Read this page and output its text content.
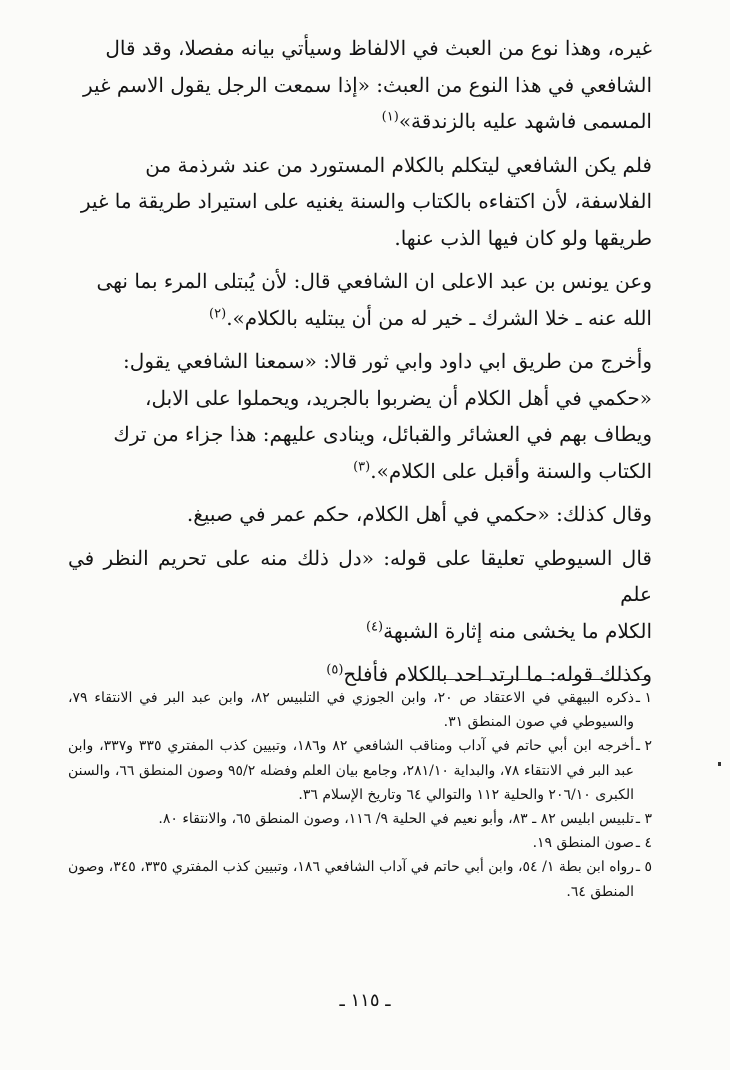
غيره، وهذا نوع من العبث في الالفاظ وسيأتي بيانه مفصلا، وقد قال
الشافعي في هذا النوع من العبث: «إذا سمعت الرجل يقول الاسم غير
المسمى فاشهد عليه بالزندقة»$^{(١)}$

فلم يكن الشافعي ليتكلم بالكلام المستورد من عند شرذمة من
الفلاسفة، لأن اكتفاءه بالكتاب والسنة يغنيه على استيراد طريقة ما غير
طريقها ولو كان فيها الذب عنها.

وعن يونس بن عبد الاعلى ان الشافعي قال: لأن يُبتلى المرء بما نهى
الله عنه ـ خلا الشرك ـ خير له من أن يبتليه بالكلام».$^{(٢)}$

وأخرج من طريق ابي داود وابي ثور قالا: «سمعنا الشافعي يقول:
«حكمي في أهل الكلام أن يضربوا بالجريد، ويحملوا على الابل،
ويطاف بهم في العشائر والقبائل، وينادى عليهم: هذا جزاء من ترك
الكتاب والسنة وأقبل على الكلام».$^{(٣)}$

وقال كذلك: «حكمي في أهل الكلام، حكم عمر في صبيغ.

قال السيوطي تعليقا على قوله: «دل ذلك منه على تحريم النظر في علم
الكلام ما يخشى منه إثارة الشبهة$^{(٤)}$

وكذلك قوله: ما ارتد احد بالكلام فأفلح$^{(٥)}$

١ ـ
ذكره البيهقي في الاعتقاد ص ٢٠، وابن الجوزي في التلبيس ٨٢، وابن عبد البر في الانتقاء ٧٩، والسيوطي في صون المنطق ٣١.
٢ ـ
أخرجه ابن أبي حاتم في آداب ومناقب الشافعي ٨٢ و١٨٦، وتبيين كذب المفتري ٣٣٥ و٣٣٧، وابن عبد البر في الانتقاء ٧٨، والبداية ٢٨١/١٠، وجامع بيان العلم وفضله ٩٥/٢ وصون المنطق ٦٦، والسنن الكبرى ٢٠٦/١٠ والحلية ١١٢ والتوالي ٦٤ وتاريخ الإسلام ٣٦.
٣ ـ
تلبيس ابليس ٨٢ ـ ٨٣، وأبو نعيم في الحلية ٩/ ١١٦، وصون المنطق ٦٥، والانتقاء ٨٠.
٤ ـ
صون المنطق ١٩.
٥ ـ
رواه ابن بطة ١/ ٥٤، وابن أبي حاتم في آداب الشافعي ١٨٦، وتبيين كذب المفتري ٣٣٥، ٣٤٥، وصون المنطق ٦٤.
ـ ١١٥ ـ
